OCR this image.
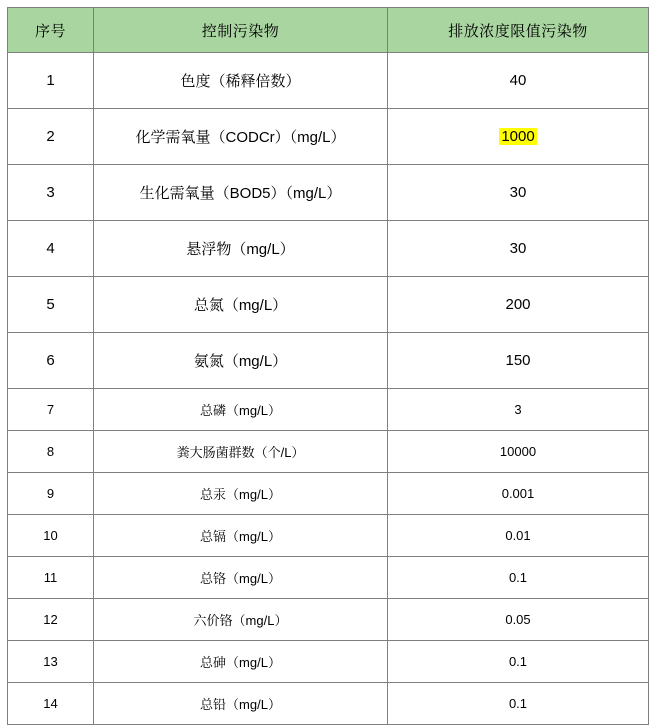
序号	控制污染物	排放浓度限值污染物
1	色度（稀释倍数）	40
2	化学需氧量（CODCr）（mg/L）	1000
3	生化需氧量（BOD5）（mg/L）	30
4	悬浮物（mg/L）	30
5	总氮（mg/L）	200
6	氨氮（mg/L）	150
7	总磷（mg/L）	3
8	粪大肠菌群数（个/L）	10000
9	总汞（mg/L）	0.001
10	总镉（mg/L）	0.01
11	总铬（mg/L）	0.1
12	六价铬（mg/L）	0.05
13	总砷（mg/L）	0.1
14	总铅（mg/L）	0.1
